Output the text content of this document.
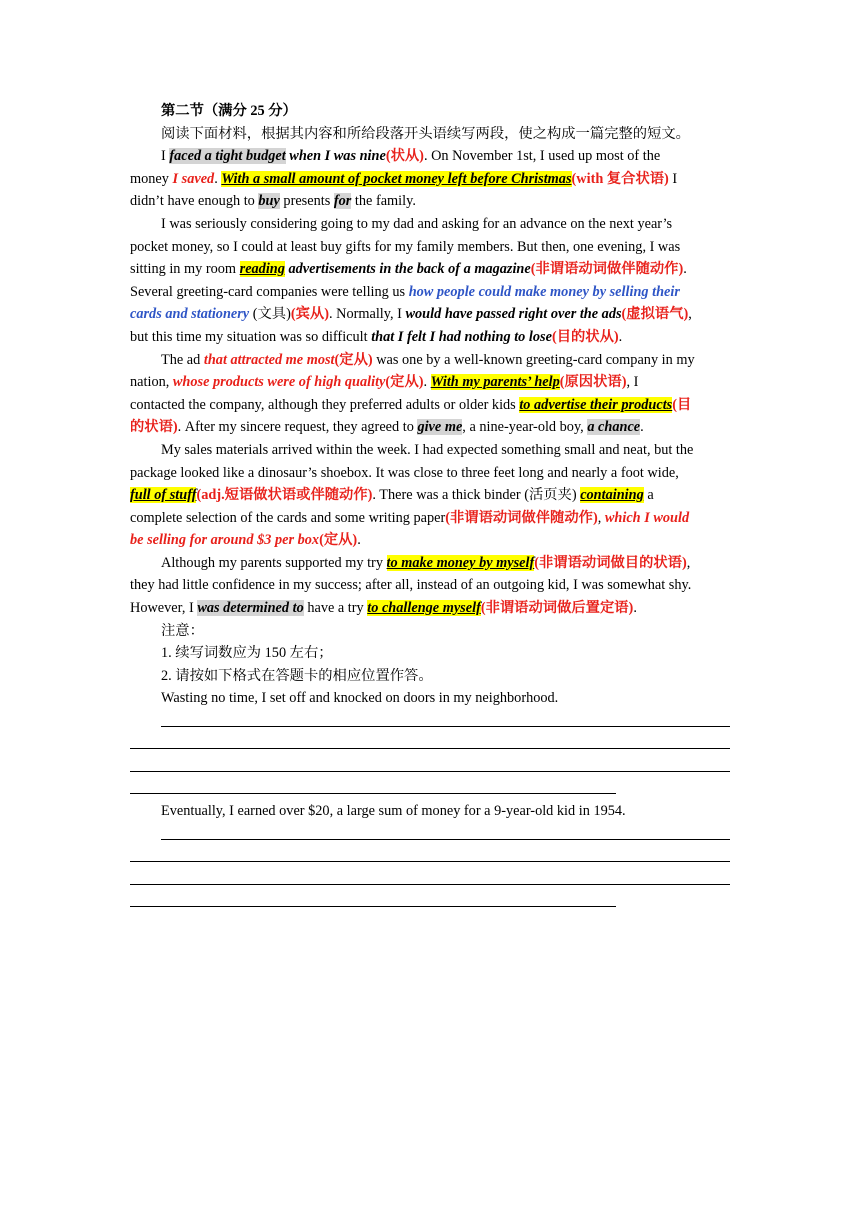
第二节（满分 25 分）
阅读下面材料，根据其内容和所给段落开头语续写两段，使之构成一篇完整的短文。
I faced a tight budget when I was nine(状从). On November 1st, I used up most of the
money I saved. With a small amount of pocket money left before Christmas(with 复合状语) I
didn’t have enough to buy presents for the family.
I was seriously considering going to my dad and asking for an advance on the next year’s
pocket money, so I could at least buy gifts for my family members. But then, one evening, I was
sitting in my room reading advertisements in the back of a magazine(非谓语动词做伴随动作).
Several greeting-card companies were telling us how people could make money by selling their
cards and stationery (文具)(宾从). Normally, I would have passed right over the ads(虚拟语气),
but this time my situation was so difficult that I felt I had nothing to lose(目的状从).
The ad that attracted me most(定从) was one by a well-known greeting-card company in my
nation, whose products were of high quality(定从). With my parents’ help(原因状语), I
contacted the company, although they preferred adults or older kids to advertise their products(目
的状语). After my sincere request, they agreed to give me, a nine-year-old boy, a chance.
My sales materials arrived within the week. I had expected something small and neat, but the
package looked like a dinosaur’s shoebox. It was close to three feet long and nearly a foot wide,
full of stuff(adj.短语做状语或伴随动作). There was a thick binder (活页夹) containing a
complete selection of the cards and some writing paper(非谓语动词做伴随动作), which I would
be selling for around $3 per box(定从).
Although my parents supported my try to make money by myself(非谓语动词做目的状语),
they had little confidence in my success; after all, instead of an outgoing kid, I was somewhat shy.
However, I was determined to have a try to challenge myself(非谓语动词做后置定语).
注意：
1. 续写词数应为 150 左右；
2. 请按如下格式在答题卡的相应位置作答。
Wasting no time, I set off and knocked on doors in my neighborhood.
Eventually, I earned over $20, a large sum of money for a 9-year-old kid in 1954.
